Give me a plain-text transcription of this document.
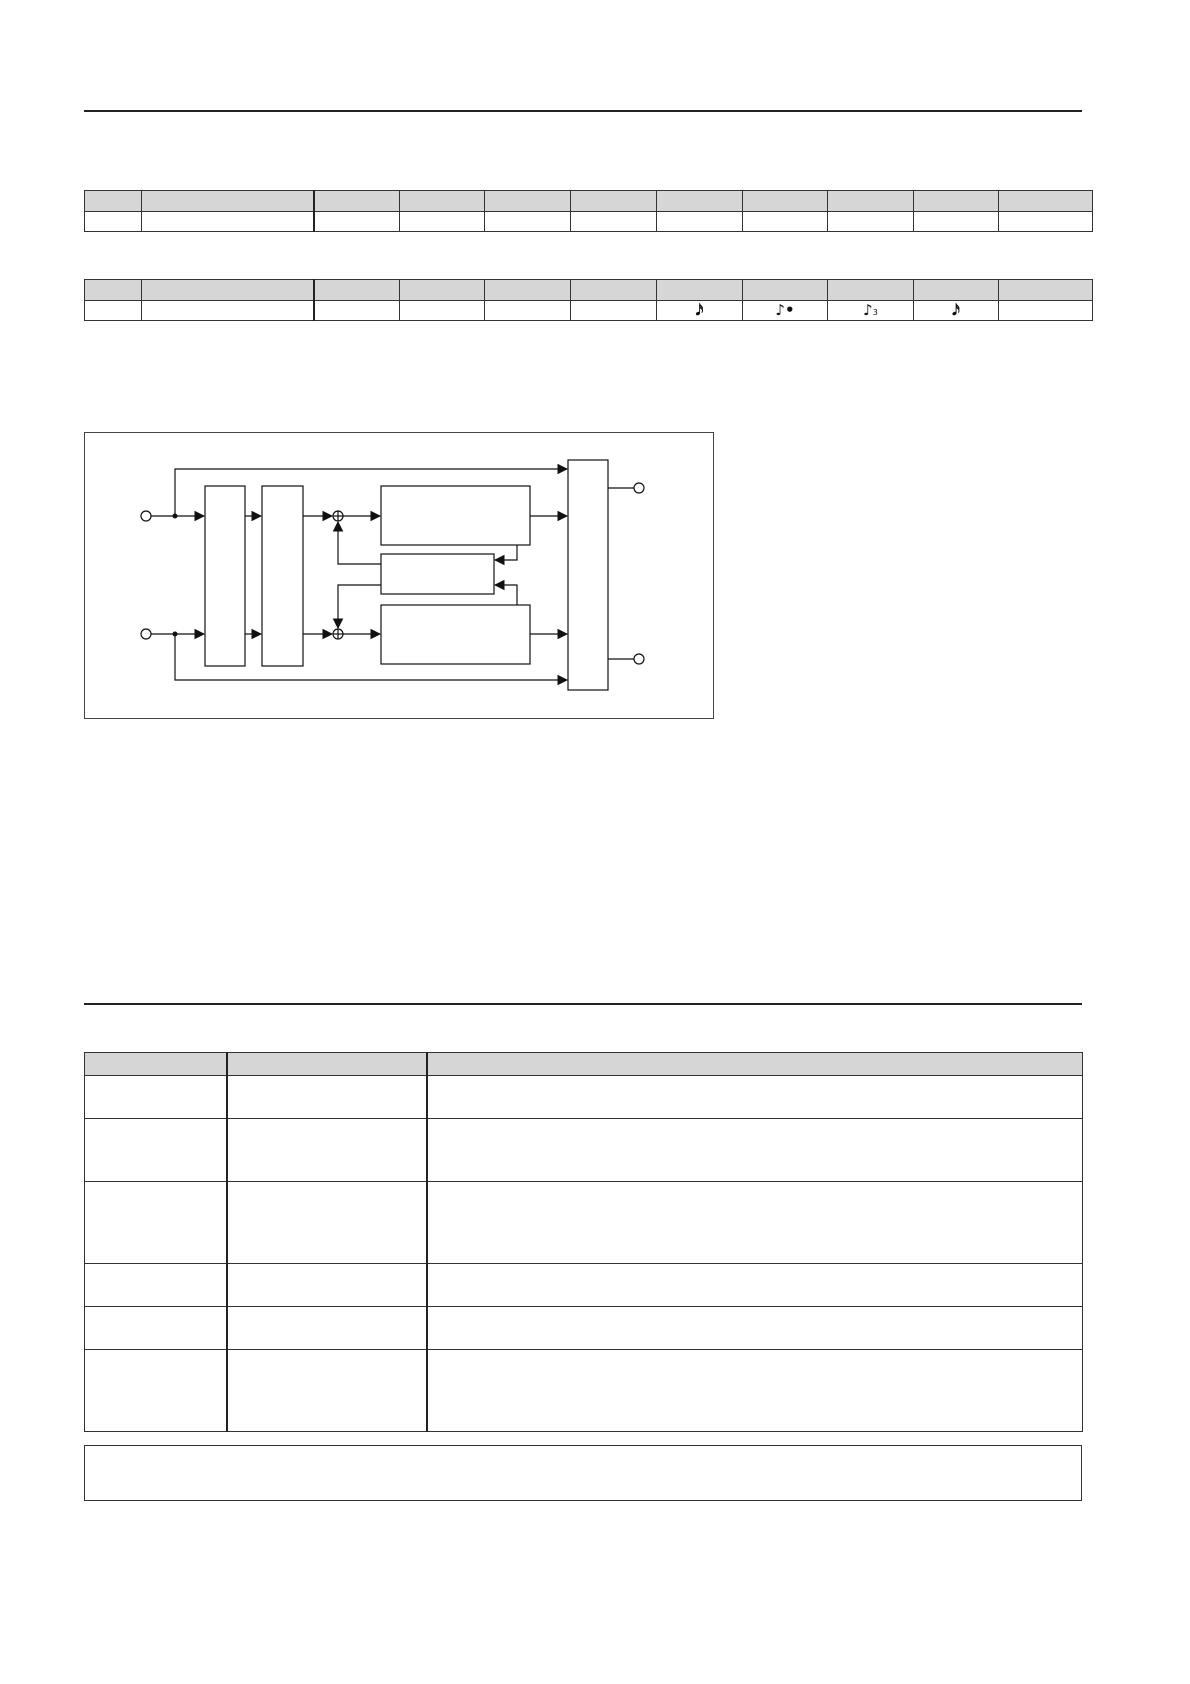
						𝅘𝅥𝅯	♪•	♪3	𝅘𝅥𝅯	
